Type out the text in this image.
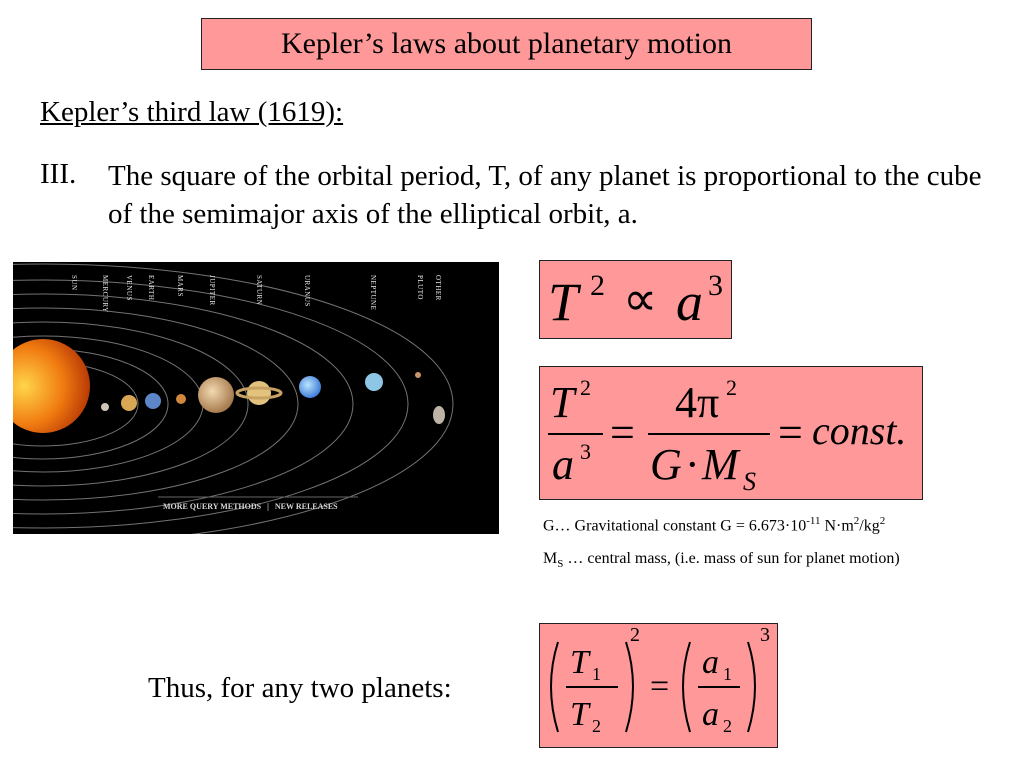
Kepler’s laws about planetary motion
Kepler’s third law (1619):
III. The square of the orbital period, T, of any planet is proportional to the cube of the semimajor axis of the elliptical orbit, a.
SUN	MERCURY VENUS EARTH	MARS	JUPITER	SATURN	URANUS	NEPTUNE	PLUTO OTHER
MORE QUERY METHODS | NEW RELEASES
T 2 ∝ a 3
T 2
a 3 =
4π 2
G · M S
= const.
G… Gravitational constant $G = 6.673\cdot 10^{-11}$ $N\cdot m^2/kg^2$
$M_S$ … central mass, (i.e. mass of sun for planet motion)
Thus, for any two planets:
T 1
T 2
2
=
a 1
a 2
3
